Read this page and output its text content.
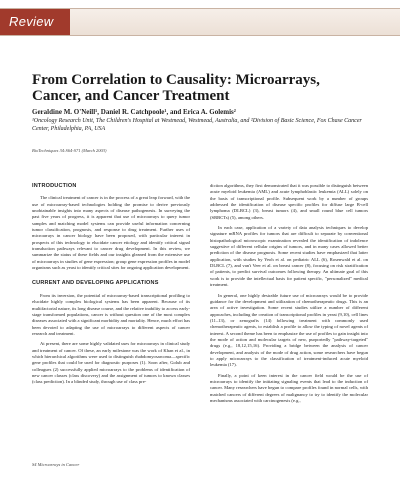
Review
From Correlation to Causality: Microarrays, Cancer, and Cancer Treatment
Geraldine M. O'Neill¹, Daniel R. Catchpoole¹, and Erica A. Golemis²
¹Oncology Research Unit, The Children's Hospital at Westmead, Westmead, Australia, and ²Division of Basic Science, Fox Chase Cancer Center, Philadelphia, PA, USA
BioTechniques 34:S64-S71 (March 2003)
INTRODUCTION

The clinical treatment of cancer is in the process of a great leap forward, with the use of microarray-based technologies holding the promise to derive previously unobtainable insights into many aspects of disease pathogenesis. In surveying the past five years of progress, it is apparent that use of microarrays to query tumor samples and matching model systems can provide useful information concerning tumor classification, prognosis, and response to drug treatment. Further uses of microarrays in cancer biology have been proposed, with particular interest in prospects of this technology to elucidate cancer etiology and identify critical signal transduction pathways relevant to cancer drug development. In this review, we summarize the status of these fields and our insights gleaned from the extensive use of microarrays in studies of gene expression; group gene expression profiles in model organisms such as yeast to identify critical sites for ongoing application development.

CURRENT AND DEVELOPING APPLICATIONS

From its inversion, the potential of microarray-based transcriptional profiling to elucidate highly complex biological systems has been apparent. Because of its multifactorial nature, its long disease course, and the relative inability to access early-stage transformed populations, cancer is without question one of the most complex diseases associated with a significant morbidity and mortality. Hence, much effort has been devoted to adapting the use of microarrays to different aspects of cancer research and treatment.

At present, there are some highly validated uses for microarrays in clinical study and treatment of cancer. Of these, an early milestone was the work of Khan et al., in which hierarchical algorithms were used to distinguish rhabdomyosarcoma—specific gene profiles that could be used for diagnostic purposes (1). Soon after, Golub and colleagues (2) successfully applied microarrays to the problems of identification of new cancer classes (class discovery) and the assignment of tumors to known classes (class prediction). In a blinded study, through use of class pre-

diction algorithms, they first demonstrated that it was possible to distinguish between acute myeloid leukemia (AML) and acute lymphoblastic leukemia (ALL) solely on the basis of transcriptional profile. Subsequent work by a number of groups addressed the identification of disease specific profiles for diffuse large B-cell lymphoma (DLBCL) (3), breast tumors (4), and small round blue cell tumors (SRBCTs) (5), among others.

In each case, application of a variety of data analysis techniques to develop signature mRNA profiles for tumors that are difficult to separate by conventional histopathological microscopic examination revealed the identification of indolence suggestive of different cellular origins of tumors, and in many cases allowed better prediction of the disease prognosis. Some recent studies have emphasized that latter application, with studies by Yeoh et al. on pediatric ALL (6), Rosenwald et al. on DLBCL (7), and van't Veer et al. on breast cancer (8), focusing on risk stratification of patients, to predict survival outcomes following therapy. An ultimate goal of this work is to provide the intellectual basis for patient specific, "personalized" medical treatment.

In general, one highly desirable future use of microarrays would be to provide guidance for the development and utilization of chemotherapeutic drugs. This is an area of active investigation. Some recent studies utilize a number of different approaches, including the creation of transcriptional profiles in yeast (9,10), cell lines (11–13), or xenografts (14) following treatment with commonly used chemotherapeutic agents, to establish a profile to allow the typing of novel agents of interest. A second theme has been to emphasize the use of profiles to gain insight into the mode of action and molecular targets of new, purportedly "pathway-targeted" drugs (e.g., 18,12,15,16). Providing a bridge between the analysis of cancer development, and analysis of the mode of drug action, some researchers have begun to apply microarrays to the classification of treatment-induced acute myeloid leukemia (17).

Finally, a point of keen interest in the cancer field would be the use of microarrays to identify the initiating signaling events that lead to the induction of cancer. Many researchers have begun to compare profiles found in normal cells, with matched cancers of different degrees of malignancy to try to identify the molecular mechanisms associated with carcinogenesis (e.g.,

S4 Microarrays in Cancer
